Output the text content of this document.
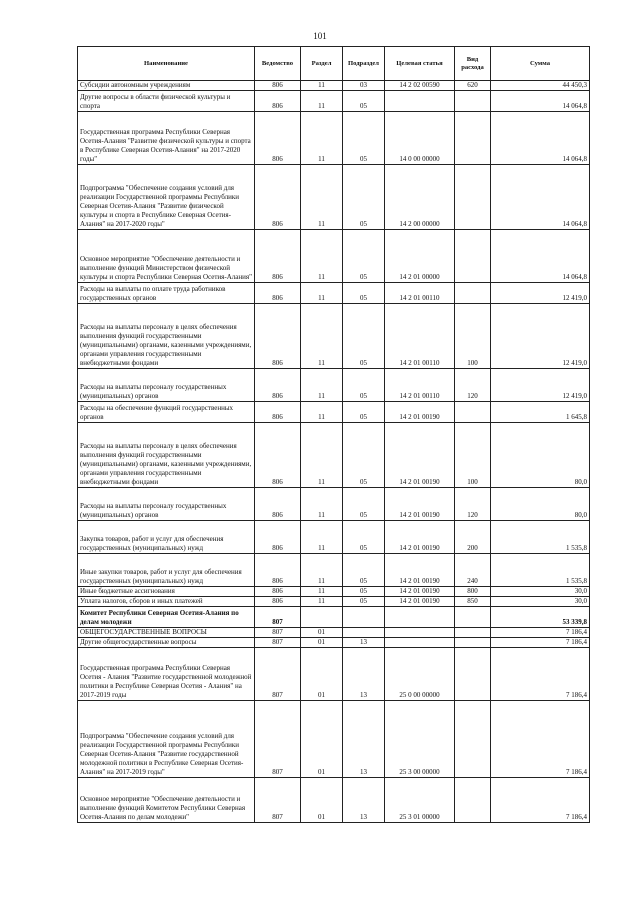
101
Наименование	Ведомство	Раздел	Подраздел	Целевая статья	Вид расхода	Сумма
Субсидии автономным учреждениям	806	11	03	14 2 02 00590	620	44 450,3
Другие вопросы в области физической культуры и спорта	806	11	05			14 064,8
Государственная программа Республики Северная Осетия-Алания "Развитие физической культуры и спорта в Республике Северная Осетия-Алания" на 2017-2020 годы"	806	11	05	14 0 00 00000		14 064,8
Подпрограмма "Обеспечение создания условий для реализации Государственной программы Республики Северная Осетия-Алания "Развитие физической культуры и спорта в Республике Северная Осетия-Алания" на 2017-2020 годы"	806	11	05	14 2 00 00000		14 064,8
Основное мероприятие "Обеспечение деятельности и выполнение функций Министерством физической культуры и спорта Республики Северная Осетия-Алания"	806	11	05	14 2 01 00000		14 064,8
Расходы на выплаты по оплате труда работников государственных органов	806	11	05	14 2 01 00110		12 419,0
Расходы на выплаты персоналу в целях обеспечения выполнения функций государственными (муниципальными) органами, казенными учреждениями, органами управления государственными внебюджетными фондами	806	11	05	14 2 01 00110	100	12 419,0
Расходы на выплаты персоналу государственных (муниципальных) органов	806	11	05	14 2 01 00110	120	12 419,0
Расходы на обеспечение функций государственных органов	806	11	05	14 2 01 00190		1 645,8
Расходы на выплаты персоналу в целях обеспечения выполнения функций государственными (муниципальными) органами, казенными учреждениями, органами управления государственными внебюджетными фондами	806	11	05	14 2 01 00190	100	80,0
Расходы на выплаты персоналу государственных (муниципальных) органов	806	11	05	14 2 01 00190	120	80,0
Закупка товаров, работ и услуг для обеспечения государственных (муниципальных) нужд	806	11	05	14 2 01 00190	200	1 535,8
Иные закупки товаров, работ и услуг для обеспечения государственных (муниципальных) нужд	806	11	05	14 2 01 00190	240	1 535,8
Иные бюджетные ассигнования	806	11	05	14 2 01 00190	800	30,0
Уплата налогов, сборов и иных платежей	806	11	05	14 2 01 00190	850	30,0
Комитет Республики Северная Осетия-Алания по делам молодежи	807					53 339,8
ОБЩЕГОСУДАРСТВЕННЫЕ ВОПРОСЫ	807	01				7 186,4
Другие общегосударственные вопросы	807	01	13			7 186,4
Государственная программа Республики Северная Осетия - Алания "Развитие государственной молодежной политики в Республике Северная Осетия - Алания" на 2017-2019 годы	807	01	13	25 0 00 00000		7 186,4
Подпрограмма "Обеспечение создания условий для реализации Государственной программы Республики Северная Осетия-Алания "Развитие государственной молодежной политики в Республике Северная Осетия-Алания" на 2017-2019 годы"	807	01	13	25 3 00 00000		7 186,4
Основное мероприятие "Обеспечение деятельности и выполнение функций Комитетом Республики Северная Осетия-Алания по делам молодежи"	807	01	13	25 3 01 00000		7 186,4
